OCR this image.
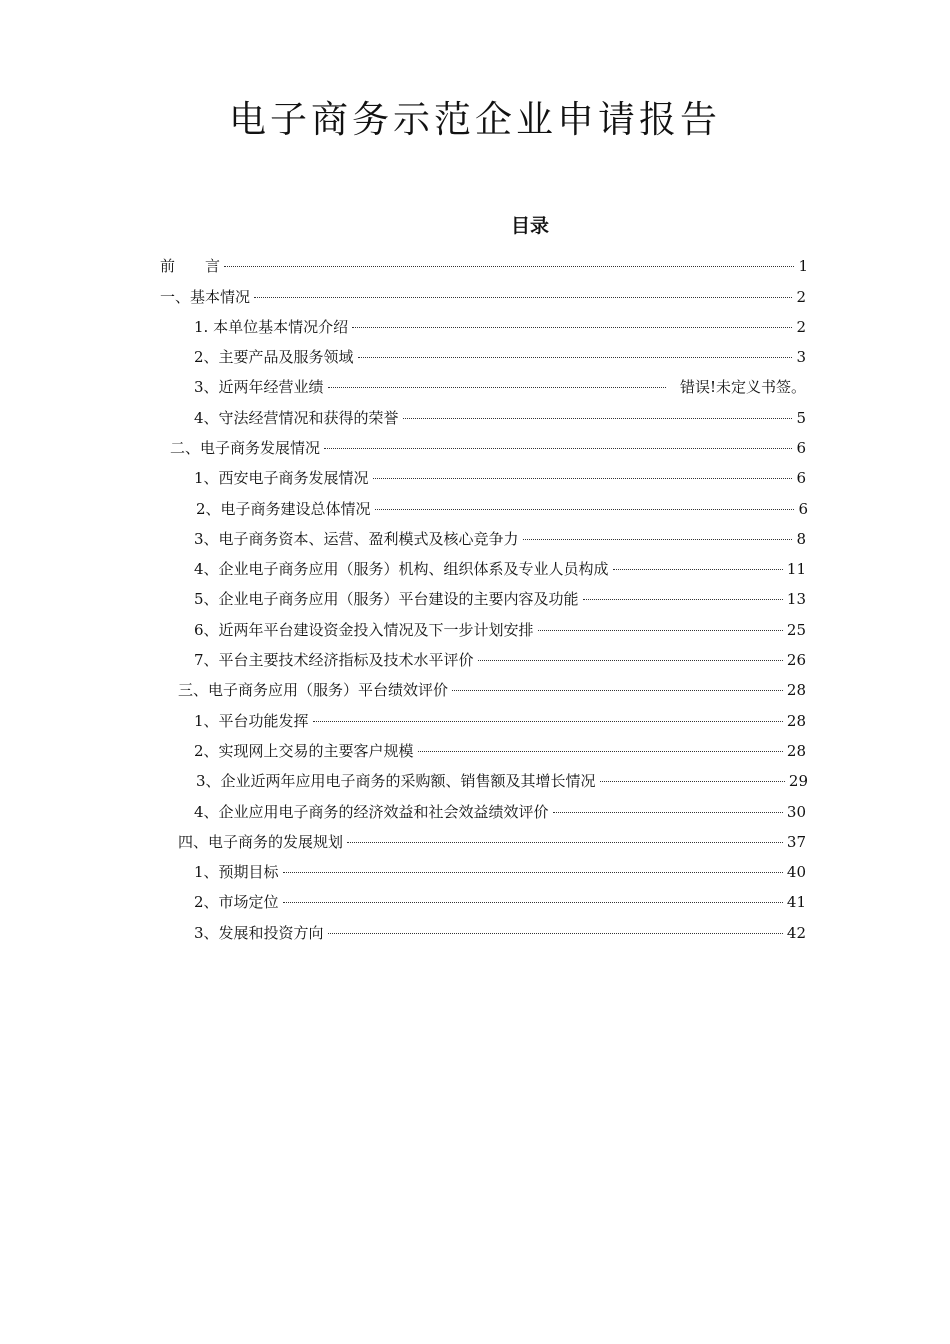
电子商务示范企业申请报告
目录
前　　言	1
一、基本情况	2
1. 本单位基本情况介绍	2
2、主要产品及服务领域	3
3、近两年经营业绩	错误!未定义书签。
4、守法经营情况和获得的荣誉	5
二、电子商务发展情况	6
1、西安电子商务发展情况	6
2、电子商务建设总体情况	6
3、电子商务资本、运营、盈利模式及核心竞争力	8
4、企业电子商务应用（服务）机构、组织体系及专业人员构成	11
5、企业电子商务应用（服务）平台建设的主要内容及功能	13
6、近两年平台建设资金投入情况及下一步计划安排	25
7、平台主要技术经济指标及技术水平评价	26
三、电子商务应用（服务）平台绩效评价	28
1、平台功能发挥	28
2、实现网上交易的主要客户规模	28
3、企业近两年应用电子商务的采购额、销售额及其增长情况	29
4、企业应用电子商务的经济效益和社会效益绩效评价	30
四、电子商务的发展规划	37
1、预期目标	40
2、市场定位	41
3、发展和投资方向	42
